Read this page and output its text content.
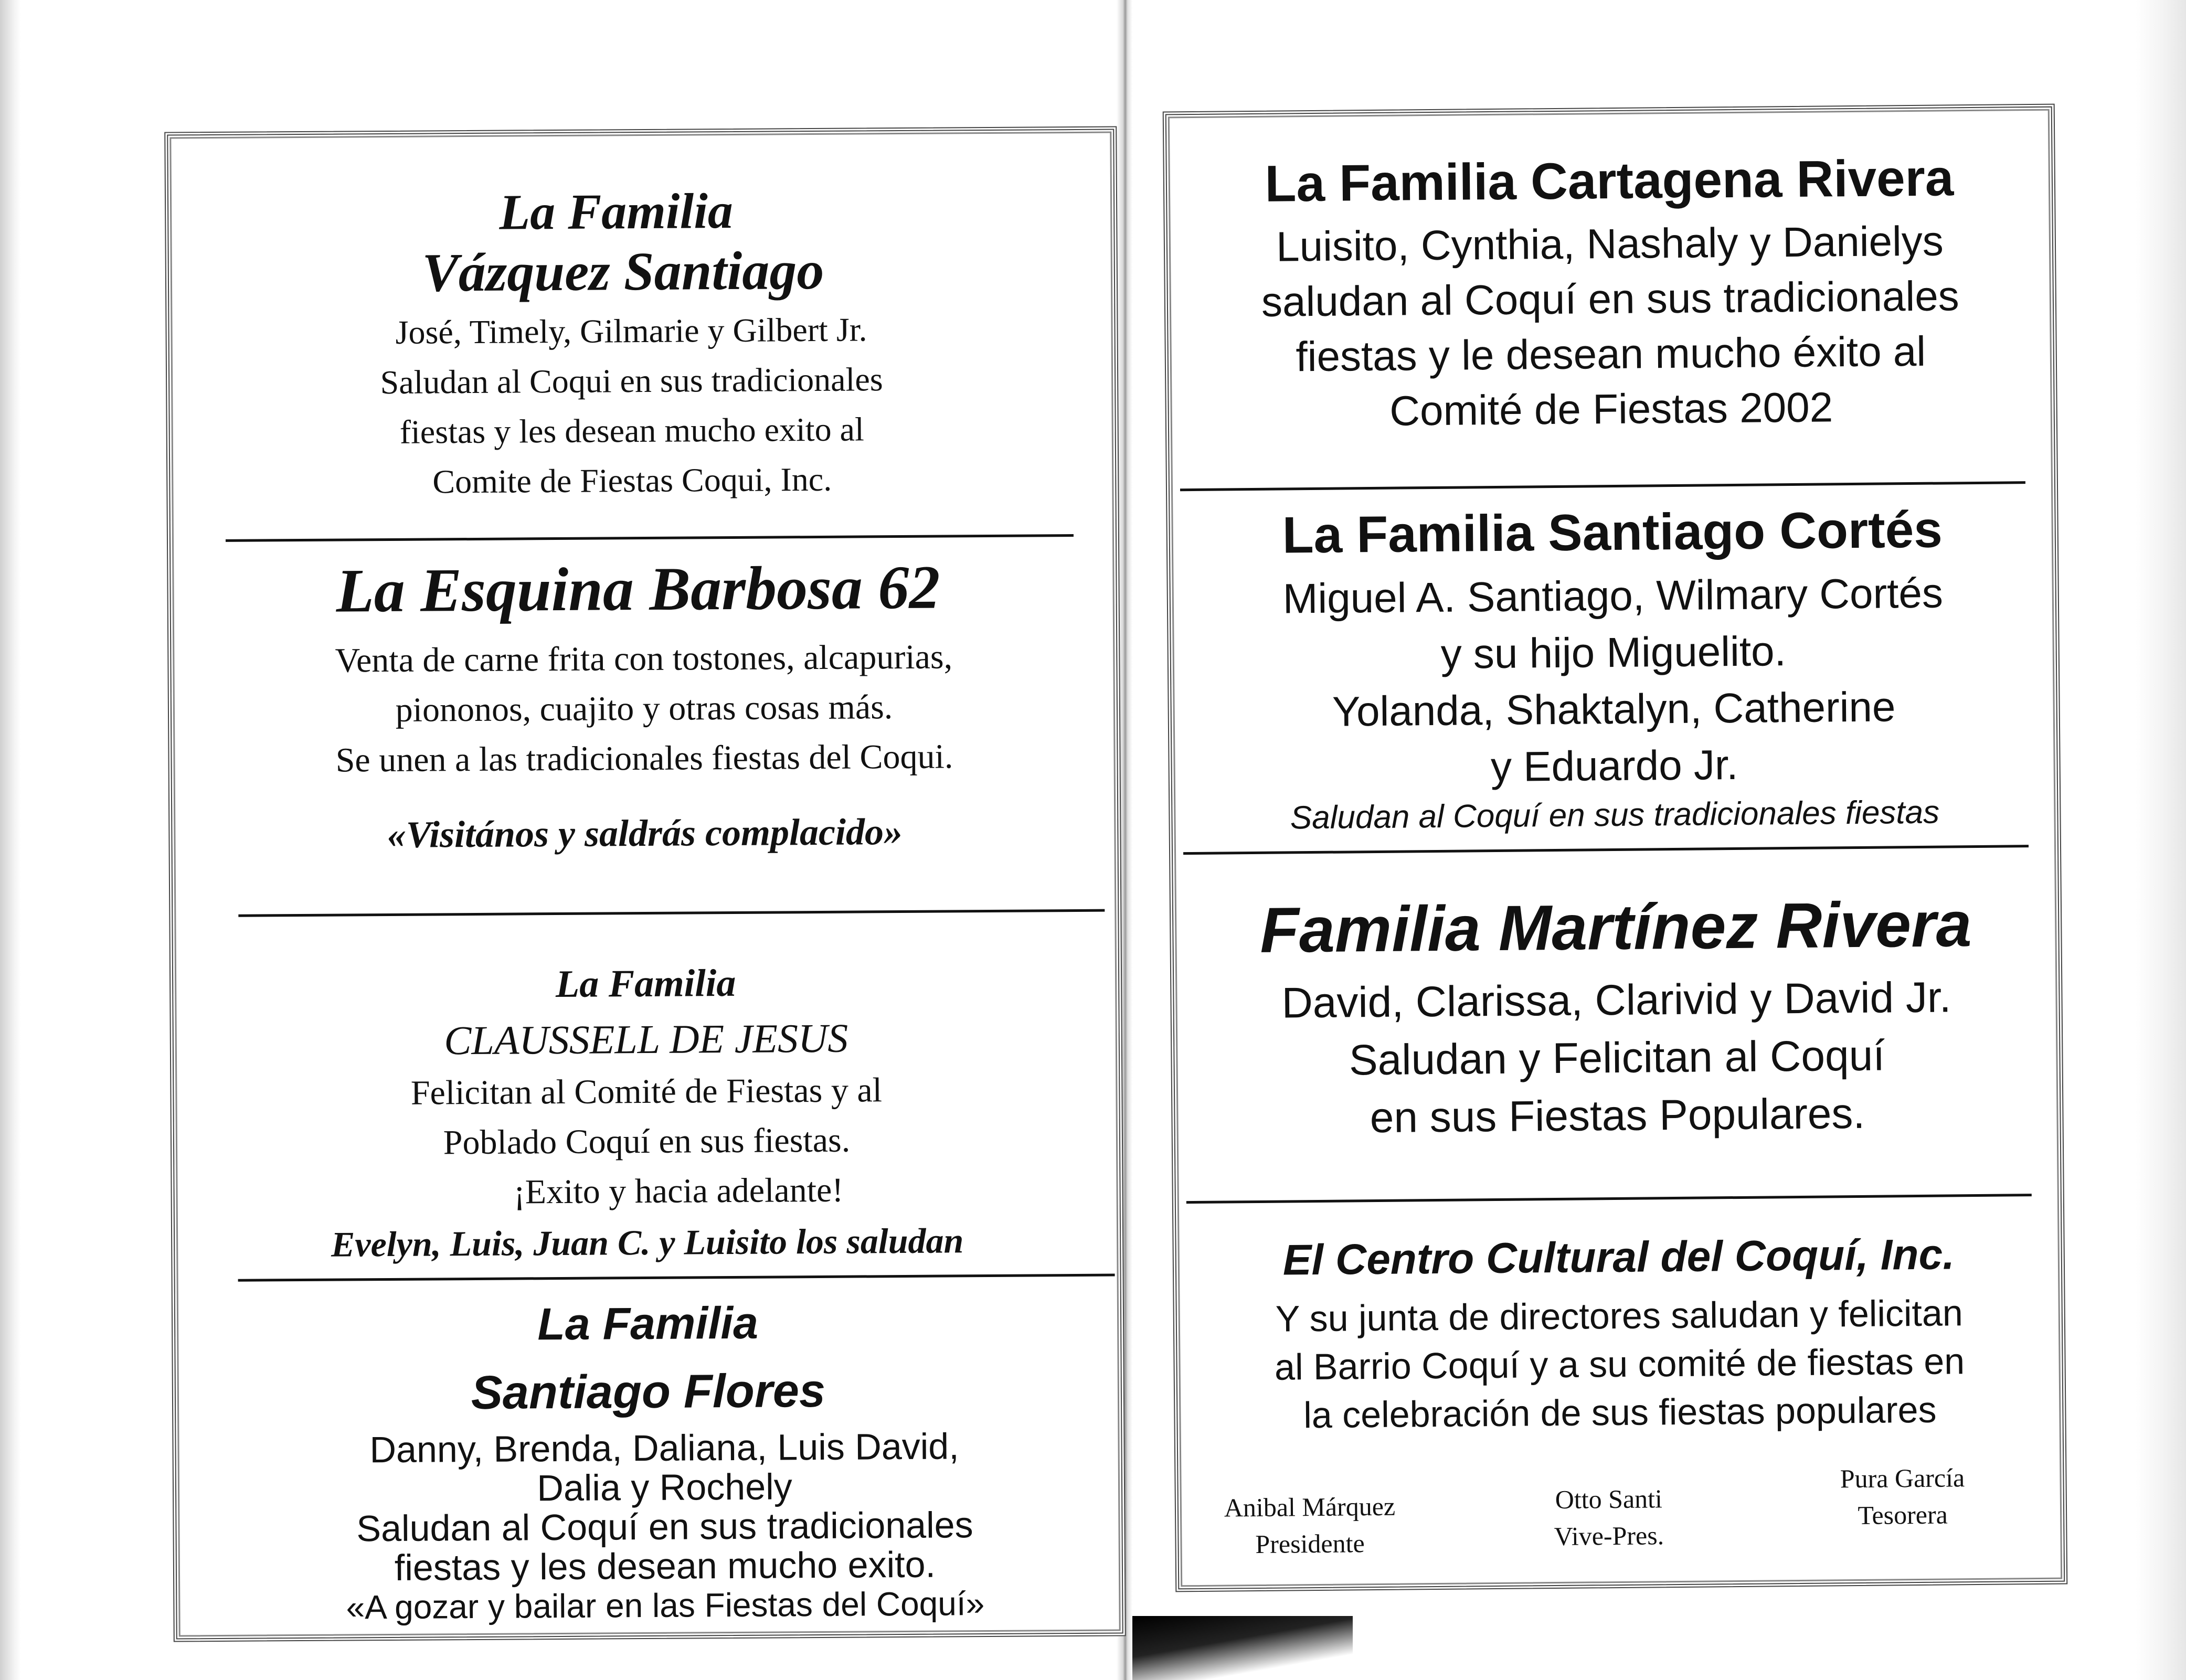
La Familia
Vázquez Santiago
José, Timely, Gilmarie y Gilbert Jr.
Saludan al Coqui en sus tradicionales
fiestas y les desean mucho exito al
Comite de Fiestas Coqui, Inc.
La Esquina Barbosa 62
Venta de carne frita con tostones, alcapurias,
piononos, cuajito y otras cosas más.
Se unen a las tradicionales fiestas del Coqui.
«Visitános y saldrás complacido»
La Familia
CLAUSSELL DE JESUS
Felicitan al Comité de Fiestas y al
Poblado Coquí en sus fiestas.
¡Exito y hacia adelante!
Evelyn, Luis, Juan C. y Luisito los saludan
La Familia
Santiago Flores
Danny, Brenda, Daliana, Luis David,
Dalia y Rochely
Saludan al Coquí en sus tradicionales
fiestas y les desean mucho exito.
«A gozar y bailar en las Fiestas del Coquí»
La Familia Cartagena Rivera
Luisito, Cynthia, Nashaly y Danielys
saludan al Coquí en sus tradicionales
fiestas y le desean mucho éxito al
Comité de Fiestas 2002
La Familia Santiago Cortés
Miguel A. Santiago, Wilmary Cortés
y su hijo Miguelito.
Yolanda, Shaktalyn, Catherine
y Eduardo Jr.
Saludan al Coquí en sus tradicionales fiestas
Familia Martínez Rivera
David, Clarissa, Clarivid y David Jr.
Saludan y Felicitan al Coquí
en sus Fiestas Populares.
El Centro Cultural del Coquí, Inc.
Y su junta de directores saludan y felicitan
al Barrio Coquí y a su comité de fiestas en
la celebración de sus fiestas populares
Anibal Márquez
Presidente
Otto Santi
Vive-Pres.
Pura García
Tesorera
